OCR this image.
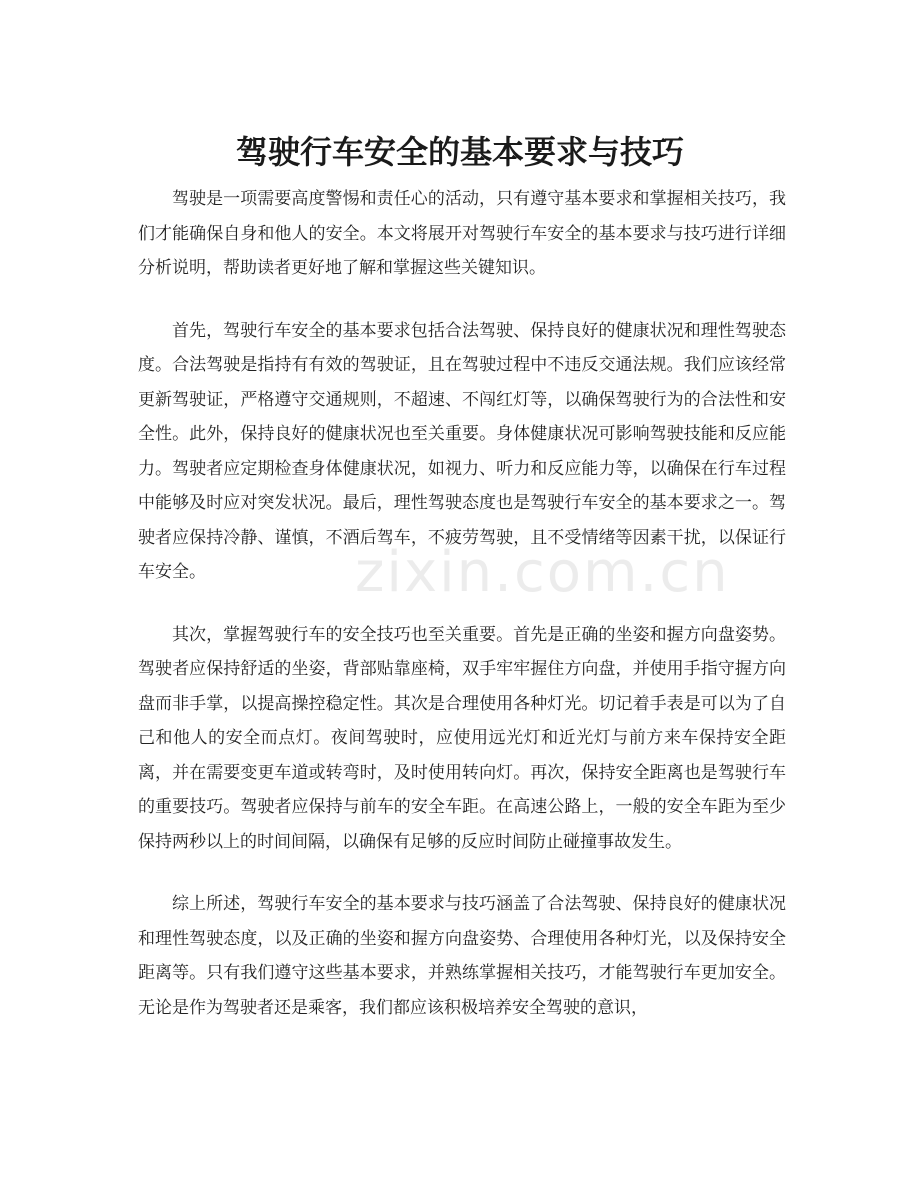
驾驶行车安全的基本要求与技巧
zixin.com.cn

驾驶是一项需要高度警惕和责任心的活动，只有遵守基本要求和掌握相关技巧，我们才能确保自身和他人的安全。本文将展开对驾驶行车安全的基本要求与技巧进行详细分析说明，帮助读者更好地了解和掌握这些关键知识。

首先，驾驶行车安全的基本要求包括合法驾驶、保持良好的健康状况和理性驾驶态度。合法驾驶是指持有有效的驾驶证，且在驾驶过程中不违反交通法规。我们应该经常更新驾驶证，严格遵守交通规则，不超速、不闯红灯等，以确保驾驶行为的合法性和安全性。此外，保持良好的健康状况也至关重要。身体健康状况可影响驾驶技能和反应能力。驾驶者应定期检查身体健康状况，如视力、听力和反应能力等，以确保在行车过程中能够及时应对突发状况。最后，理性驾驶态度也是驾驶行车安全的基本要求之一。驾驶者应保持冷静、谨慎，不酒后驾车，不疲劳驾驶，且不受情绪等因素干扰，以保证行车安全。

其次，掌握驾驶行车的安全技巧也至关重要。首先是正确的坐姿和握方向盘姿势。驾驶者应保持舒适的坐姿，背部贴靠座椅，双手牢牢握住方向盘，并使用手指守握方向盘而非手掌，以提高操控稳定性。其次是合理使用各种灯光。切记着手表是可以为了自己和他人的安全而点灯。夜间驾驶时，应使用远光灯和近光灯与前方来车保持安全距离，并在需要变更车道或转弯时，及时使用转向灯。再次，保持安全距离也是驾驶行车的重要技巧。驾驶者应保持与前车的安全车距。在高速公路上，一般的安全车距为至少保持两秒以上的时间间隔，以确保有足够的反应时间防止碰撞事故发生。

综上所述，驾驶行车安全的基本要求与技巧涵盖了合法驾驶、保持良好的健康状况和理性驾驶态度，以及正确的坐姿和握方向盘姿势、合理使用各种灯光，以及保持安全距离等。只有我们遵守这些基本要求，并熟练掌握相关技巧，才能驾驶行车更加安全。无论是作为驾驶者还是乘客，我们都应该积极培养安全驾驶的意识，
